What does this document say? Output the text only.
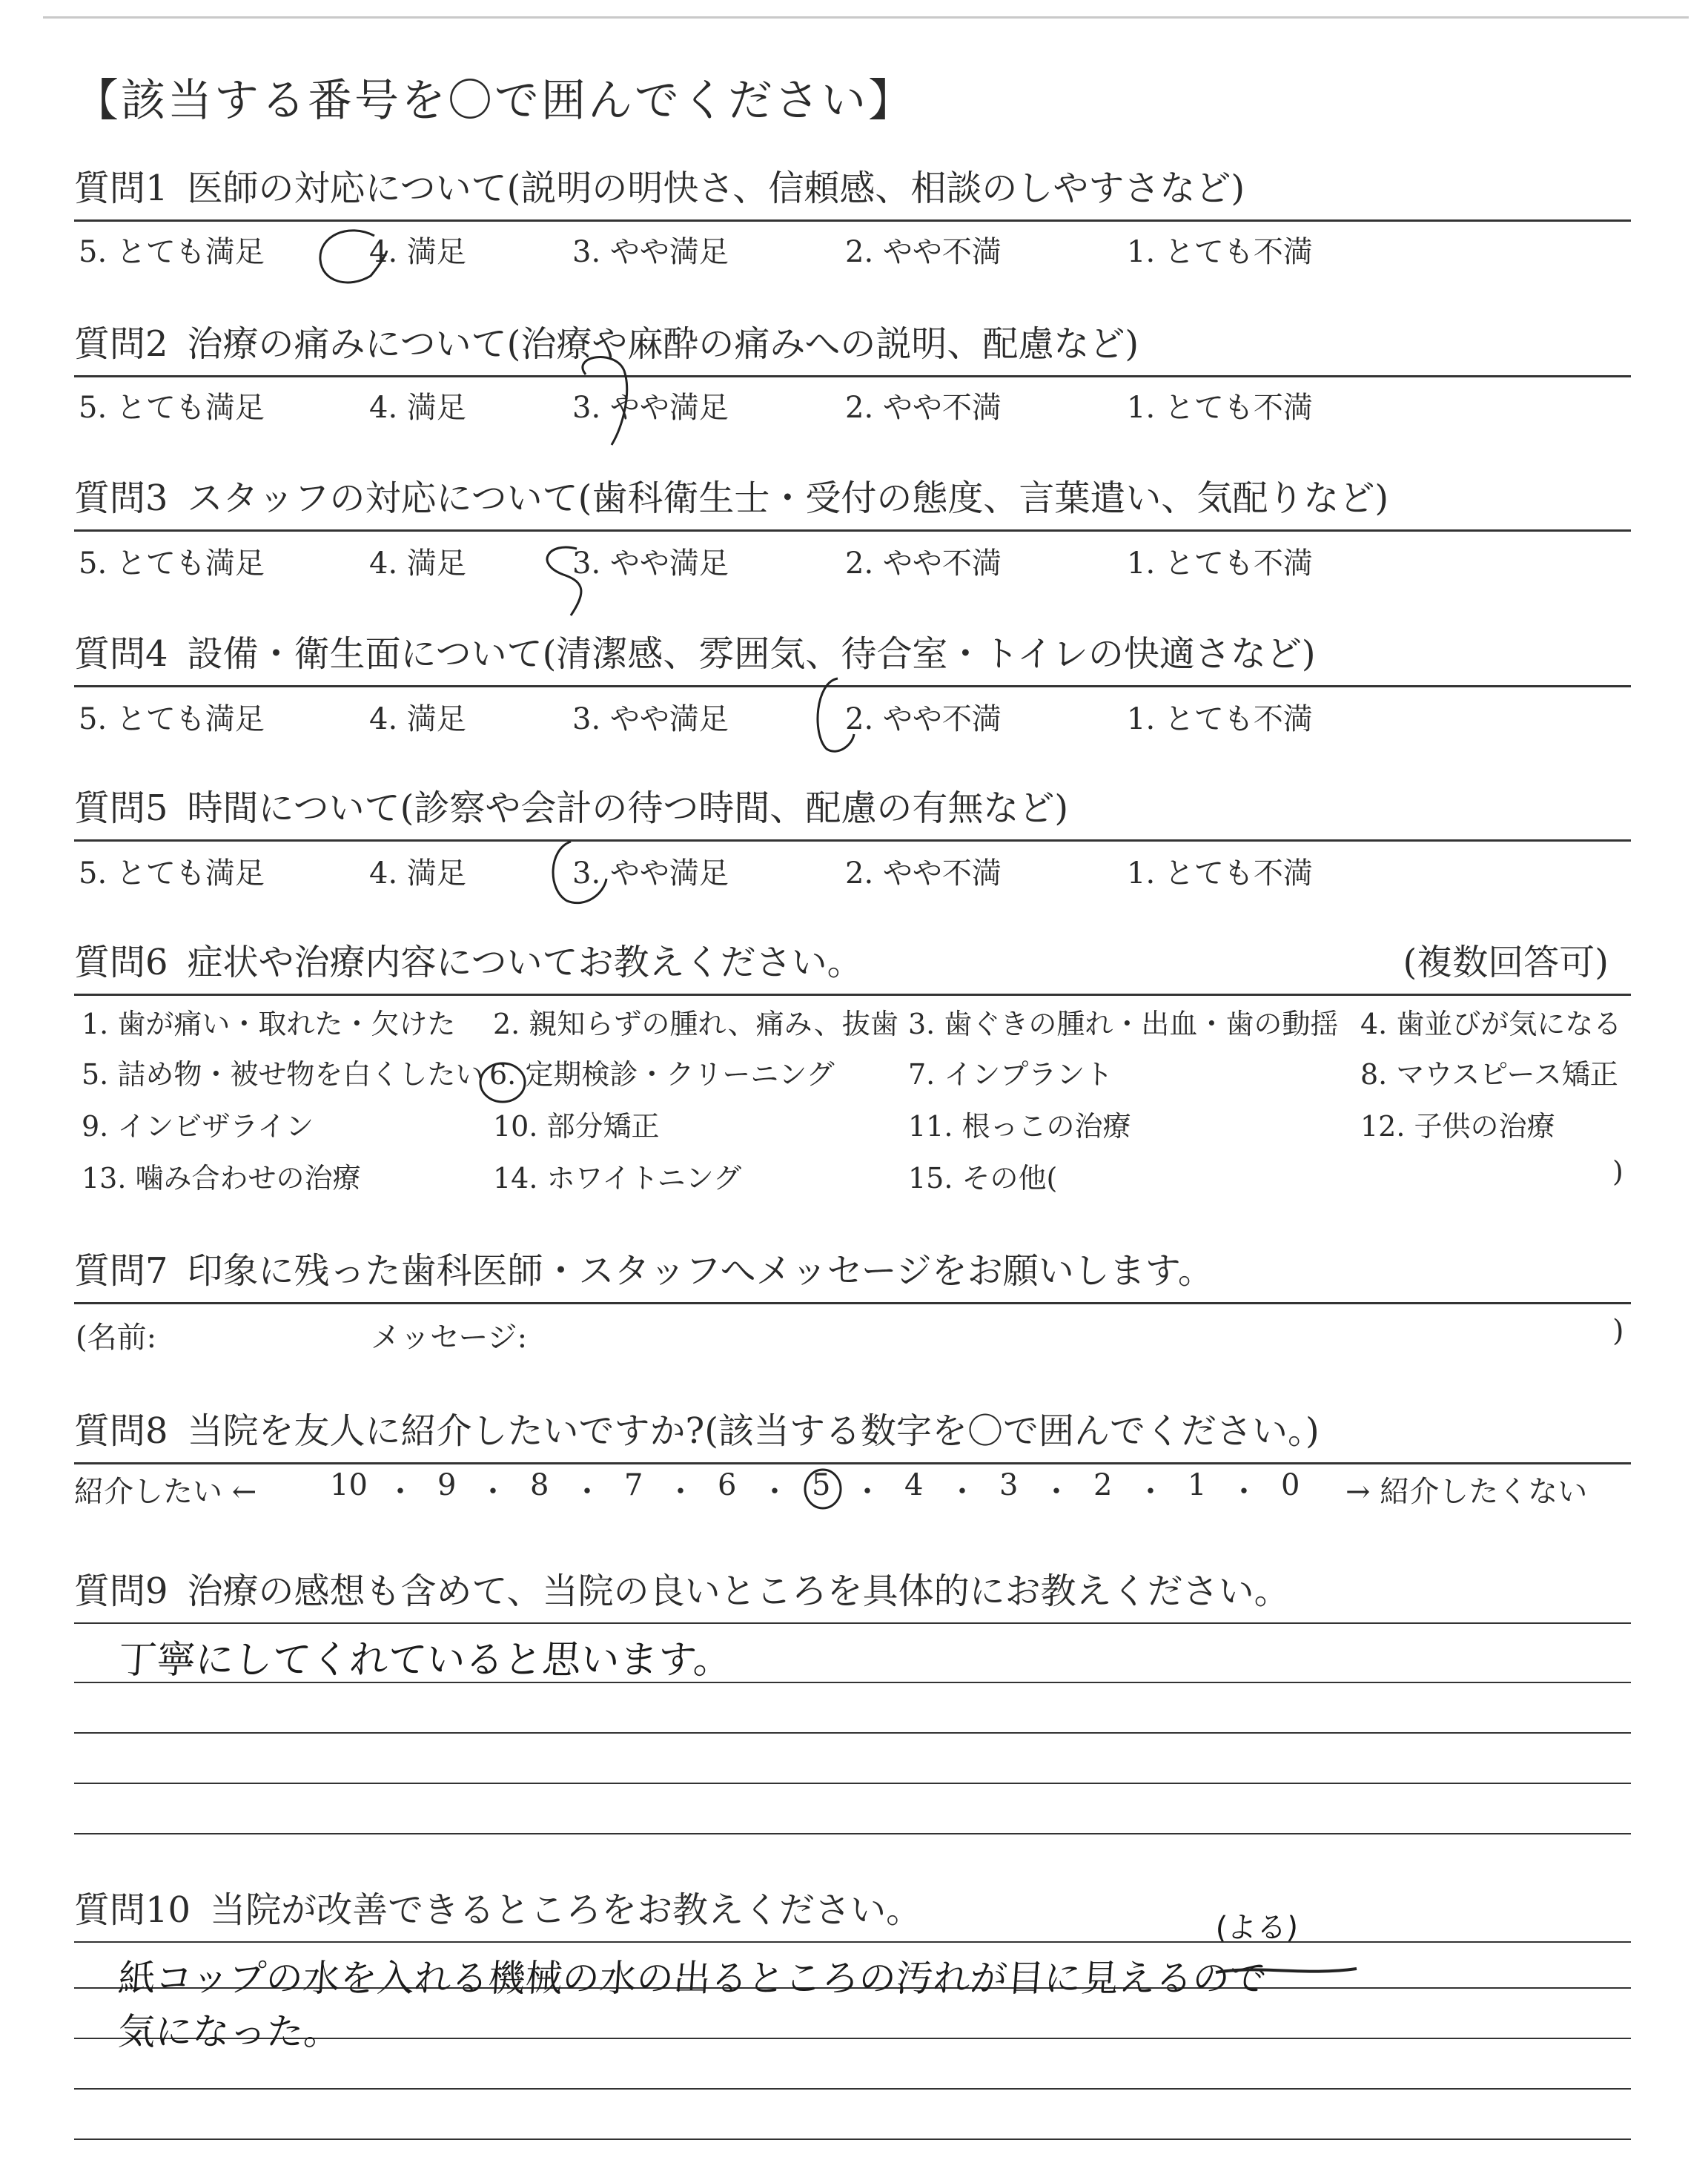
【該当する番号を〇で囲んでください】
質問1 医師の対応について(説明の明快さ、信頼感、相談のしやすさなど)
5. とても満足	4. 満足	3. やや満足	2. やや不満	1. とても不満
質問2 治療の痛みについて(治療や麻酔の痛みへの説明、配慮など)
5. とても満足	4. 満足	3. やや満足	2. やや不満	1. とても不満
質問3 スタッフの対応について(歯科衛生士・受付の態度、言葉遣い、気配りなど)
5. とても満足	4. 満足	3. やや満足	2. やや不満	1. とても不満
質問4 設備・衛生面について(清潔感、雰囲気、待合室・トイレの快適さなど)
5. とても満足	4. 満足	3. やや満足	2. やや不満	1. とても不満
質問5 時間について(診察や会計の待つ時間、配慮の有無など)
5. とても満足	4. 満足	3. やや満足	2. やや不満	1. とても不満
質問6 症状や治療内容についてお教えください。	(複数回答可)
1. 歯が痛い・取れた・欠けた 2. 親知らずの腫れ、痛み、抜歯 3. 歯ぐきの腫れ・出血・歯の動揺 4. 歯並びが気になる
5. 詰め物・被せ物を白くしたい 6. 定期検診・クリーニング	7. インプラント	8. マウスピース矯正
9. インビザライン	10. 部分矯正	11. 根っこの治療	12. 子供の治療
13. 噛み合わせの治療	14. ホワイトニング	15. その他(	)
質問7 印象に残った歯科医師・スタッフへメッセージをお願いします。
(名前:	メッセージ:	)
質問8 当院を友人に紹介したいですか?(該当する数字を〇で囲んでください。)
紹介したい ← 10 ・ 9 ・ 8 ・ 7 ・ 6 ・ 5 ・ 4 ・ 3 ・ 2 ・ 1 ・ 0 → 紹介したくない
質問9 治療の感想も含めて、当院の良いところを具体的にお教えください。
丁寧にしてくれていると思います。
質問10 当院が改善できるところをお教えください。	(よる)
紙コップの水を入れる機械の水の出るところの汚れが目に見えるので
気になった。
